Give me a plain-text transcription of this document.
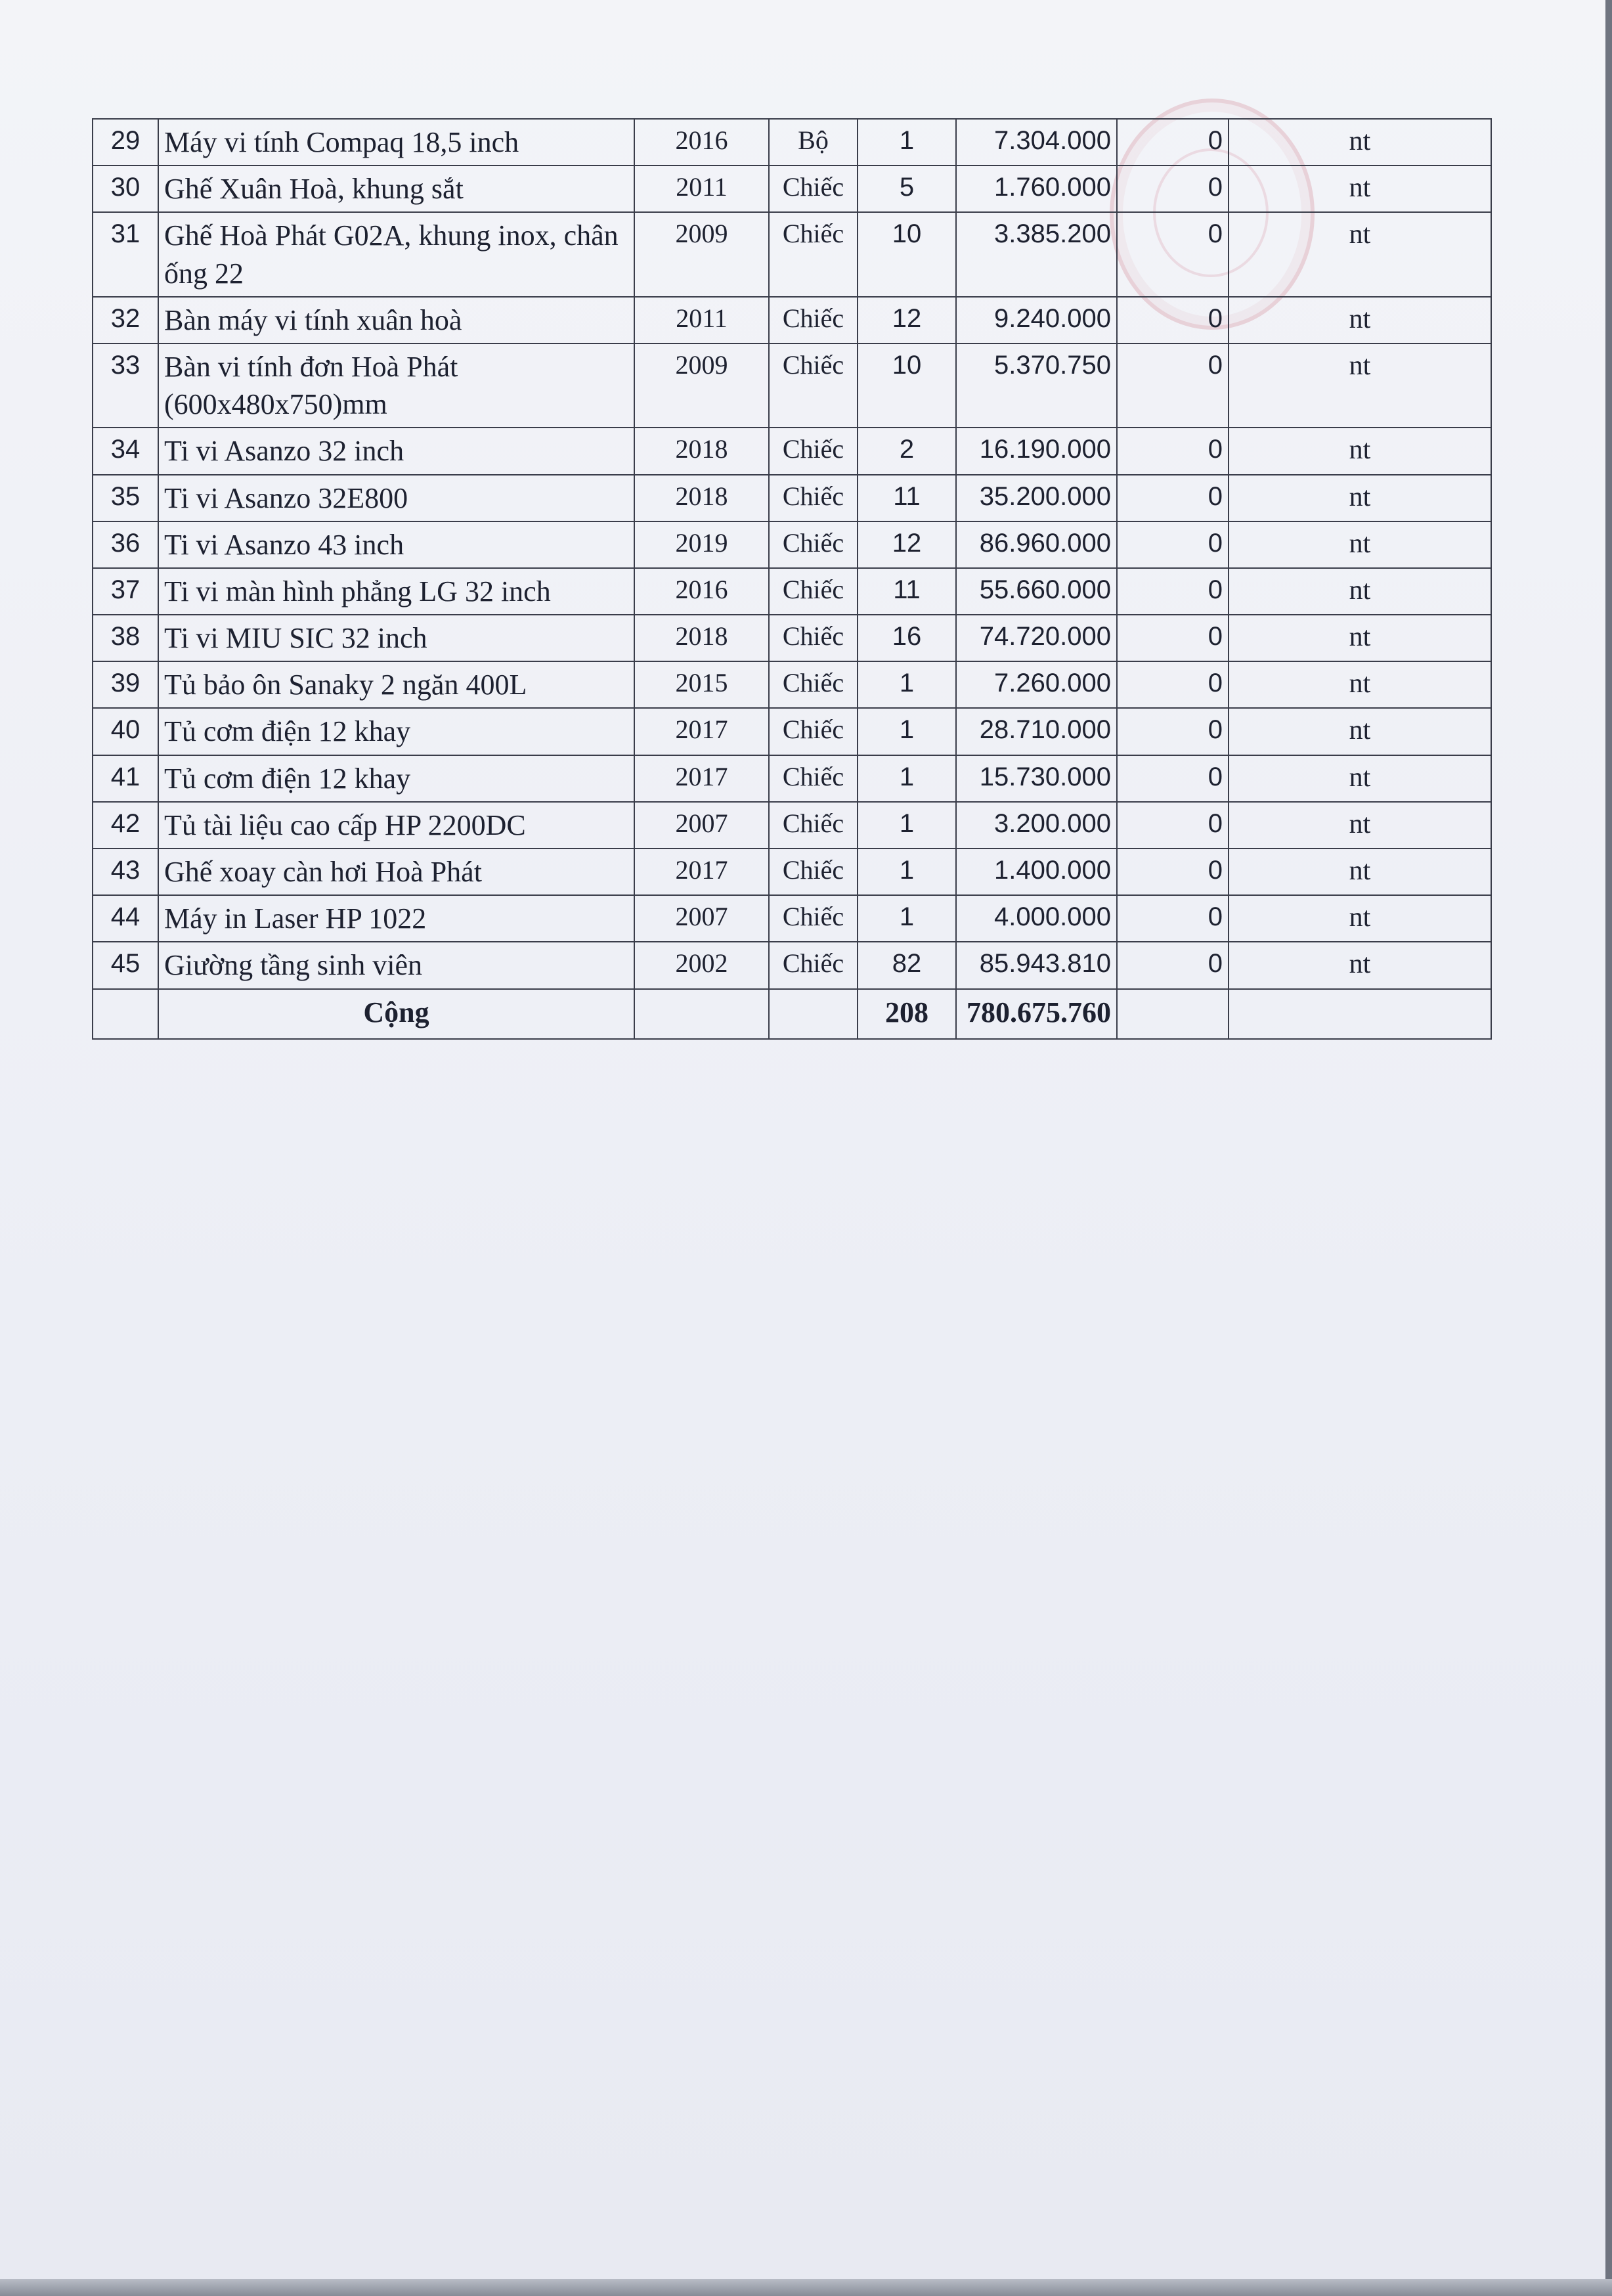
29	Máy vi tính Compaq 18,5 inch	2016	Bộ	1	7.304.000	0	nt
30	Ghế Xuân Hoà, khung sắt	2011	Chiếc	5	1.760.000	0	nt
31	Ghế Hoà Phát G02A, khung inox, chân ống 22	2009	Chiếc	10	3.385.200	0	nt
32	Bàn máy vi tính xuân hoà	2011	Chiếc	12	9.240.000	0	nt
33	Bàn vi tính đơn Hoà Phát (600x480x750)mm	2009	Chiếc	10	5.370.750	0	nt
34	Ti vi Asanzo 32 inch	2018	Chiếc	2	16.190.000	0	nt
35	Ti vi Asanzo 32E800	2018	Chiếc	11	35.200.000	0	nt
36	Ti vi Asanzo 43 inch	2019	Chiếc	12	86.960.000	0	nt
37	Ti vi màn hình phẳng LG 32 inch	2016	Chiếc	11	55.660.000	0	nt
38	Ti vi MIU SIC 32 inch	2018	Chiếc	16	74.720.000	0	nt
39	Tủ bảo ôn Sanaky 2 ngăn 400L	2015	Chiếc	1	7.260.000	0	nt
40	Tủ cơm điện 12 khay	2017	Chiếc	1	28.710.000	0	nt
41	Tủ cơm điện 12 khay	2017	Chiếc	1	15.730.000	0	nt
42	Tủ tài liệu cao cấp HP 2200DC	2007	Chiếc	1	3.200.000	0	nt
43	Ghế xoay càn hơi Hoà Phát	2017	Chiếc	1	1.400.000	0	nt
44	Máy in Laser HP 1022	2007	Chiếc	1	4.000.000	0	nt
45	Giường tầng sinh viên	2002	Chiếc	82	85.943.810	0	nt
	Cộng			208	780.675.760		
